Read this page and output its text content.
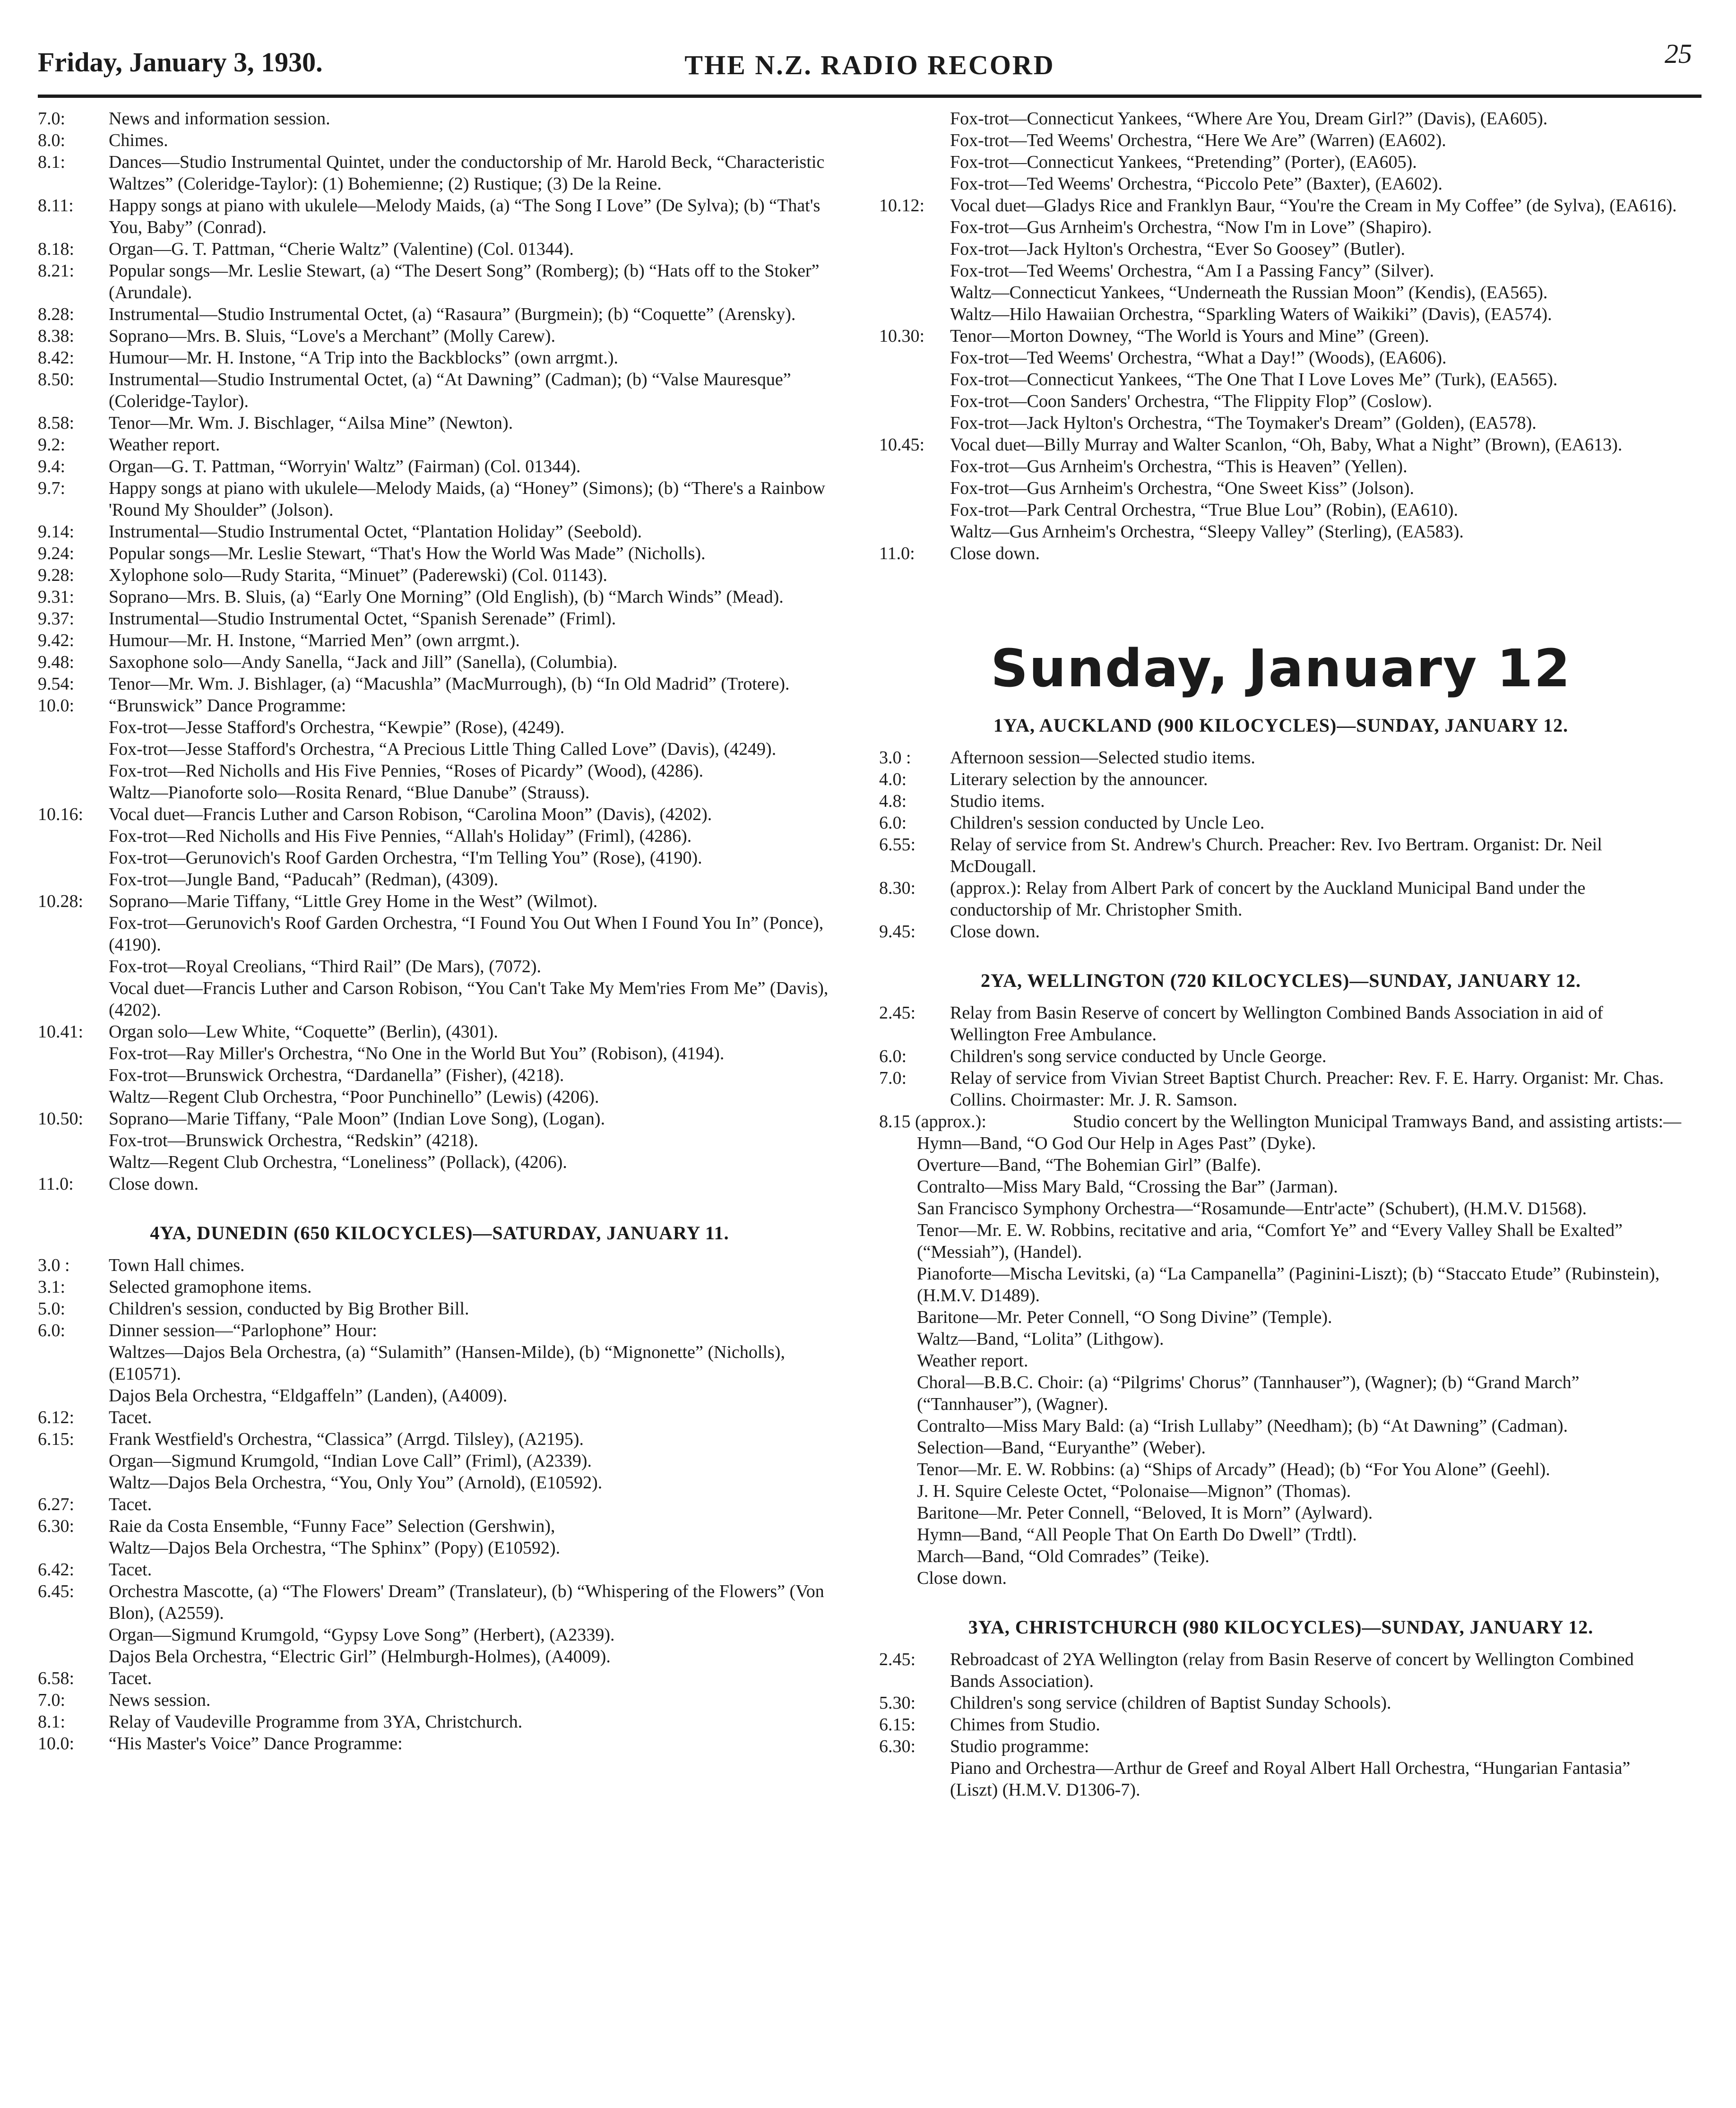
Friday, January 3, 1930.	THE N.Z. RADIO RECORD	25
7.0:	News and information session.
8.0:	Chimes.
8.1:	Dances—Studio Instrumental Quintet, under the conductorship of Mr. Harold Beck, “Characteristic Waltzes” (Coleridge-Taylor): (1) Bohemienne; (2) Rustique; (3) De la Reine.
8.11:	Happy songs at piano with ukulele—Melody Maids, (a) “The Song I Love” (De Sylva); (b) “That's You, Baby” (Conrad).
8.18:	Organ—G. T. Pattman, “Cherie Waltz” (Valentine) (Col. 01344).
8.21:	Popular songs—Mr. Leslie Stewart, (a) “The Desert Song” (Romberg); (b) “Hats off to the Stoker” (Arundale).
8.28:	Instrumental—Studio Instrumental Octet, (a) “Rasaura” (Burgmein); (b) “Coquette” (Arensky).
8.38:	Soprano—Mrs. B. Sluis, “Love's a Merchant” (Molly Carew).
8.42:	Humour—Mr. H. Instone, “A Trip into the Backblocks” (own arrgmt.).
8.50:	Instrumental—Studio Instrumental Octet, (a) “At Dawning” (Cadman); (b) “Valse Mauresque” (Coleridge-Taylor).
8.58:	Tenor—Mr. Wm. J. Bischlager, “Ailsa Mine” (Newton).
9.2:	Weather report.
9.4:	Organ—G. T. Pattman, “Worryin' Waltz” (Fairman) (Col. 01344).
9.7:	Happy songs at piano with ukulele—Melody Maids, (a) “Honey” (Simons); (b) “There's a Rainbow 'Round My Shoulder” (Jolson).
9.14:	Instrumental—Studio Instrumental Octet, “Plantation Holiday” (Seebold).
9.24:	Popular songs—Mr. Leslie Stewart, “That's How the World Was Made” (Nicholls).
9.28:	Xylophone solo—Rudy Starita, “Minuet” (Paderewski) (Col. 01143).
9.31:	Soprano—Mrs. B. Sluis, (a) “Early One Morning” (Old English), (b) “March Winds” (Mead).
9.37:	Instrumental—Studio Instrumental Octet, “Spanish Serenade” (Friml).
9.42:	Humour—Mr. H. Instone, “Married Men” (own arrgmt.).
9.48:	Saxophone solo—Andy Sanella, “Jack and Jill” (Sanella), (Columbia).
9.54:	Tenor—Mr. Wm. J. Bishlager, (a) “Macushla” (MacMurrough), (b) “In Old Madrid” (Trotere).
10.0:	“Brunswick” Dance Programme:
Fox-trot—Jesse Stafford's Orchestra, “Kewpie” (Rose), (4249).
Fox-trot—Jesse Stafford's Orchestra, “A Precious Little Thing Called Love” (Davis), (4249).
Fox-trot—Red Nicholls and His Five Pennies, “Roses of Picardy” (Wood), (4286).
Waltz—Pianoforte solo—Rosita Renard, “Blue Danube” (Strauss).
10.16:	Vocal duet—Francis Luther and Carson Robison, “Carolina Moon” (Davis), (4202).
Fox-trot—Red Nicholls and His Five Pennies, “Allah's Holiday” (Friml), (4286).
Fox-trot—Gerunovich's Roof Garden Orchestra, “I'm Telling You” (Rose), (4190).
Fox-trot—Jungle Band, “Paducah” (Redman), (4309).
10.28:	Soprano—Marie Tiffany, “Little Grey Home in the West” (Wilmot).
Fox-trot—Gerunovich's Roof Garden Orchestra, “I Found You Out When I Found You In” (Ponce), (4190).
Fox-trot—Royal Creolians, “Third Rail” (De Mars), (7072).
Vocal duet—Francis Luther and Carson Robison, “You Can't Take My Mem'ries From Me” (Davis), (4202).
10.41:	Organ solo—Lew White, “Coquette” (Berlin), (4301).
Fox-trot—Ray Miller's Orchestra, “No One in the World But You” (Robison), (4194).
Fox-trot—Brunswick Orchestra, “Dardanella” (Fisher), (4218).
Waltz—Regent Club Orchestra, “Poor Punchinello” (Lewis) (4206).
10.50:	Soprano—Marie Tiffany, “Pale Moon” (Indian Love Song), (Logan).
Fox-trot—Brunswick Orchestra, “Redskin” (4218).
Waltz—Regent Club Orchestra, “Loneliness” (Pollack), (4206).
11.0:	Close down.
4YA, DUNEDIN (650 KILOCYCLES)—SATURDAY, JANUARY 11.
3.0 :	Town Hall chimes.
3.1:	Selected gramophone items.
5.0:	Children's session, conducted by Big Brother Bill.
6.0:	Dinner session—“Parlophone” Hour:
Waltzes—Dajos Bela Orchestra, (a) “Sulamith” (Hansen-Milde), (b) “Mignonette” (Nicholls), (E10571).
Dajos Bela Orchestra, “Eldgaffeln” (Landen), (A4009).
6.12:	Tacet.
6.15:	Frank Westfield's Orchestra, “Classica” (Arrgd. Tilsley), (A2195).
Organ—Sigmund Krumgold, “Indian Love Call” (Friml), (A2339).
Waltz—Dajos Bela Orchestra, “You, Only You” (Arnold), (E10592).
6.27:	Tacet.
6.30:	Raie da Costa Ensemble, “Funny Face” Selection (Gershwin),
Waltz—Dajos Bela Orchestra, “The Sphinx” (Popy) (E10592).
6.42:	Tacet.
6.45:	Orchestra Mascotte, (a) “The Flowers' Dream” (Translateur), (b) “Whispering of the Flowers” (Von Blon), (A2559).
Organ—Sigmund Krumgold, “Gypsy Love Song” (Herbert), (A2339).
Dajos Bela Orchestra, “Electric Girl” (Helmburgh-Holmes), (A4009).
6.58:	Tacet.
7.0:	News session.
8.1:	Relay of Vaudeville Programme from 3YA, Christchurch.
10.0:	“His Master's Voice” Dance Programme:
Fox-trot—Connecticut Yankees, “Where Are You, Dream Girl?” (Davis), (EA605).
Fox-trot—Ted Weems' Orchestra, “Here We Are” (Warren) (EA602).
Fox-trot—Connecticut Yankees, “Pretending” (Porter), (EA605).
Fox-trot—Ted Weems' Orchestra, “Piccolo Pete” (Baxter), (EA602).
10.12:	Vocal duet—Gladys Rice and Franklyn Baur, “You're the Cream in My Coffee” (de Sylva), (EA616).
Fox-trot—Gus Arnheim's Orchestra, “Now I'm in Love” (Shapiro).
Fox-trot—Jack Hylton's Orchestra, “Ever So Goosey” (Butler).
Fox-trot—Ted Weems' Orchestra, “Am I a Passing Fancy” (Silver).
Waltz—Connecticut Yankees, “Underneath the Russian Moon” (Kendis), (EA565).
Waltz—Hilo Hawaiian Orchestra, “Sparkling Waters of Waikiki” (Davis), (EA574).
10.30:	Tenor—Morton Downey, “The World is Yours and Mine” (Green).
Fox-trot—Ted Weems' Orchestra, “What a Day!” (Woods), (EA606).
Fox-trot—Connecticut Yankees, “The One That I Love Loves Me” (Turk), (EA565).
Fox-trot—Coon Sanders' Orchestra, “The Flippity Flop” (Coslow).
Fox-trot—Jack Hylton's Orchestra, “The Toymaker's Dream” (Golden), (EA578).
10.45:	Vocal duet—Billy Murray and Walter Scanlon, “Oh, Baby, What a Night” (Brown), (EA613).
Fox-trot—Gus Arnheim's Orchestra, “This is Heaven” (Yellen).
Fox-trot—Gus Arnheim's Orchestra, “One Sweet Kiss” (Jolson).
Fox-trot—Park Central Orchestra, “True Blue Lou” (Robin), (EA610).
Waltz—Gus Arnheim's Orchestra, “Sleepy Valley” (Sterling), (EA583).
11.0:	Close down.
Sunday, January 12
1YA, AUCKLAND (900 KILOCYCLES)—SUNDAY, JANUARY 12.
3.0 :	Afternoon session—Selected studio items.
4.0:	Literary selection by the announcer.
4.8:	Studio items.
6.0:	Children's session conducted by Uncle Leo.
6.55:	Relay of service from St. Andrew's Church. Preacher: Rev. Ivo Bertram. Organist: Dr. Neil McDougall.
8.30:	(approx.): Relay from Albert Park of concert by the Auckland Municipal Band under the conductorship of Mr. Christopher Smith.
9.45:	Close down.
2YA, WELLINGTON (720 KILOCYCLES)—SUNDAY, JANUARY 12.
2.45:	Relay from Basin Reserve of concert by Wellington Combined Bands Association in aid of Wellington Free Ambulance.
6.0:	Children's song service conducted by Uncle George.
7.0:	Relay of service from Vivian Street Baptist Church. Preacher: Rev. F. E. Harry. Organist: Mr. Chas. Collins. Choirmaster: Mr. J. R. Samson.
8.15 (approx.):	Studio concert by the Wellington Municipal Tramways Band, and assisting artists:—
Hymn—Band, “O God Our Help in Ages Past” (Dyke).
Overture—Band, “The Bohemian Girl” (Balfe).
Contralto—Miss Mary Bald, “Crossing the Bar” (Jarman).
San Francisco Symphony Orchestra—“Rosamunde—Entr'acte” (Schubert), (H.M.V. D1568).
Tenor—Mr. E. W. Robbins, recitative and aria, “Comfort Ye” and “Every Valley Shall be Exalted” (“Messiah”), (Handel).
Pianoforte—Mischa Levitski, (a) “La Campanella” (Paginini-Liszt); (b) “Staccato Etude” (Rubinstein), (H.M.V. D1489).
Baritone—Mr. Peter Connell, “O Song Divine” (Temple).
Waltz—Band, “Lolita” (Lithgow).
Weather report.
Choral—B.B.C. Choir: (a) “Pilgrims' Chorus” (Tannhauser”), (Wagner); (b) “Grand March” (“Tannhauser”), (Wagner).
Contralto—Miss Mary Bald: (a) “Irish Lullaby” (Needham); (b) “At Dawning” (Cadman).
Selection—Band, “Euryanthe” (Weber).
Tenor—Mr. E. W. Robbins: (a) “Ships of Arcady” (Head); (b) “For You Alone” (Geehl).
J. H. Squire Celeste Octet, “Polonaise—Mignon” (Thomas).
Baritone—Mr. Peter Connell, “Beloved, It is Morn” (Aylward).
Hymn—Band, “All People That On Earth Do Dwell” (Trdtl).
March—Band, “Old Comrades” (Teike).
Close down.
3YA, CHRISTCHURCH (980 KILOCYCLES)—SUNDAY, JANUARY 12.
2.45:	Rebroadcast of 2YA Wellington (relay from Basin Reserve of concert by Wellington Combined Bands Association).
5.30:	Children's song service (children of Baptist Sunday Schools).
6.15:	Chimes from Studio.
6.30:	Studio programme:
Piano and Orchestra—Arthur de Greef and Royal Albert Hall Orchestra, “Hungarian Fantasia” (Liszt) (H.M.V. D1306-7).
